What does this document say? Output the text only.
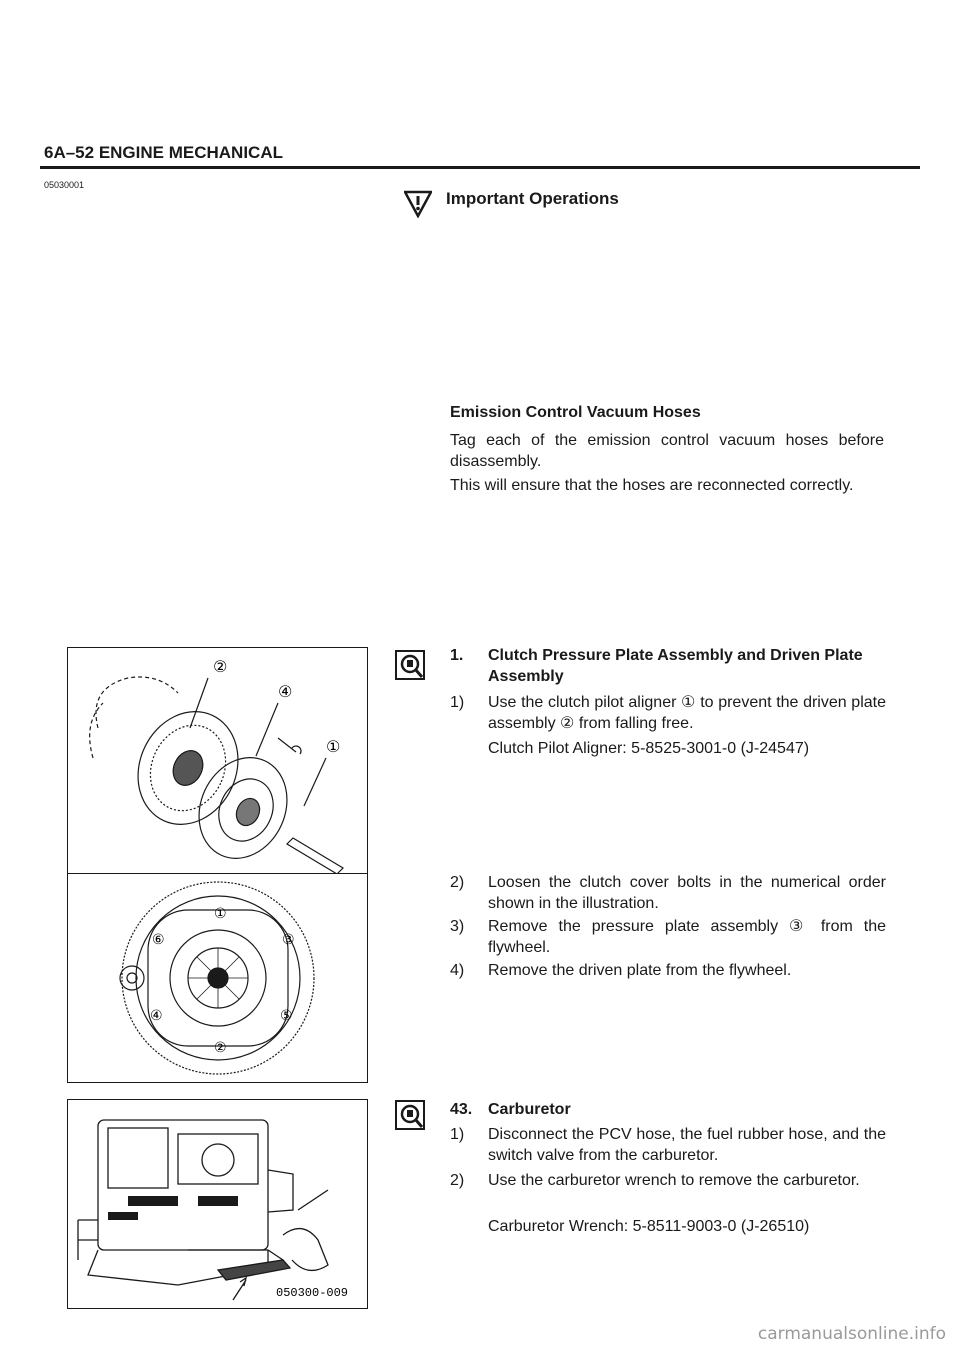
6A–52 ENGINE MECHANICAL
05030001
Important Operations
Emission Control Vacuum Hoses
Tag each of the emission control vacuum hoses before disassembly.
This will ensure that the hoses are reconnected correctly.
②
④
①
①
②
③
④	⑤
⑥
050300-009
1.	Clutch Pressure Plate Assembly and Driven Plate Assembly
1)	Use the clutch pilot aligner ① to prevent the driven plate assembly ② from falling free.
Clutch Pilot Aligner: 5-8525-3001-0 (J-24547)
2)	Loosen the clutch cover bolts in the numerical order shown in the illustration.
3)	Remove the pressure plate assembly ③ from the flywheel.
4)	Remove the driven plate from the flywheel.
43. Carburetor
1)	Disconnect the PCV hose, the fuel rubber hose, and the switch valve from the carburetor.
2)	Use the carburetor wrench to remove the carburetor.
Carburetor Wrench: 5-8511-9003-0 (J-26510)
carmanualsonline.info
